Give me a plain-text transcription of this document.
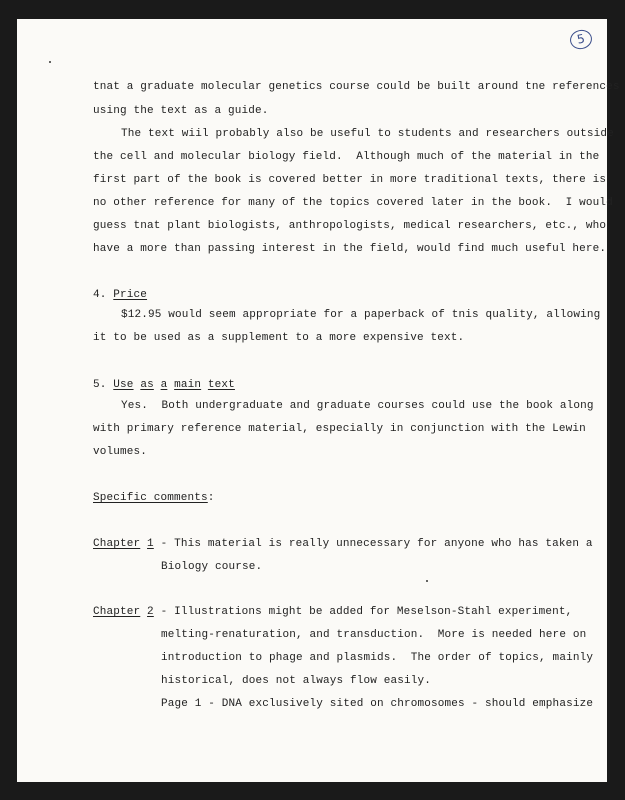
5
tnat a graduate molecular genetics course could be built around tne references
using the text as a guide.
The text wiil probably also be useful to students and researchers outside
the cell and molecular biology field.  Although much of the material in the
first part of the book is covered better in more traditional texts, there is
no other reference for many of the topics covered later in the book.  I would
guess tnat plant biologists, anthropologists, medical researchers, etc., who
have a more than passing interest in the field, would find much useful here.
4. Price
$12.95 would seem appropriate for a paperback of tnis quality, allowing
it to be used as a supplement to a more expensive text.
5. Use as a main text
Yes.  Both undergraduate and graduate courses could use the book along
with primary reference material, especially in conjunction with the Lewin
volumes.
Specific comments:
Chapter 1 - This material is really unnecessary for anyone who has taken a
Biology course.
Chapter 2 - Illustrations might be added for Meselson-Stahl experiment,
melting-renaturation, and transduction.  More is needed here on
introduction to phage and plasmids.  The order of topics, mainly
historical, does not always flow easily.
Page 1 - DNA exclusively sited on chromosomes - should emphasize
